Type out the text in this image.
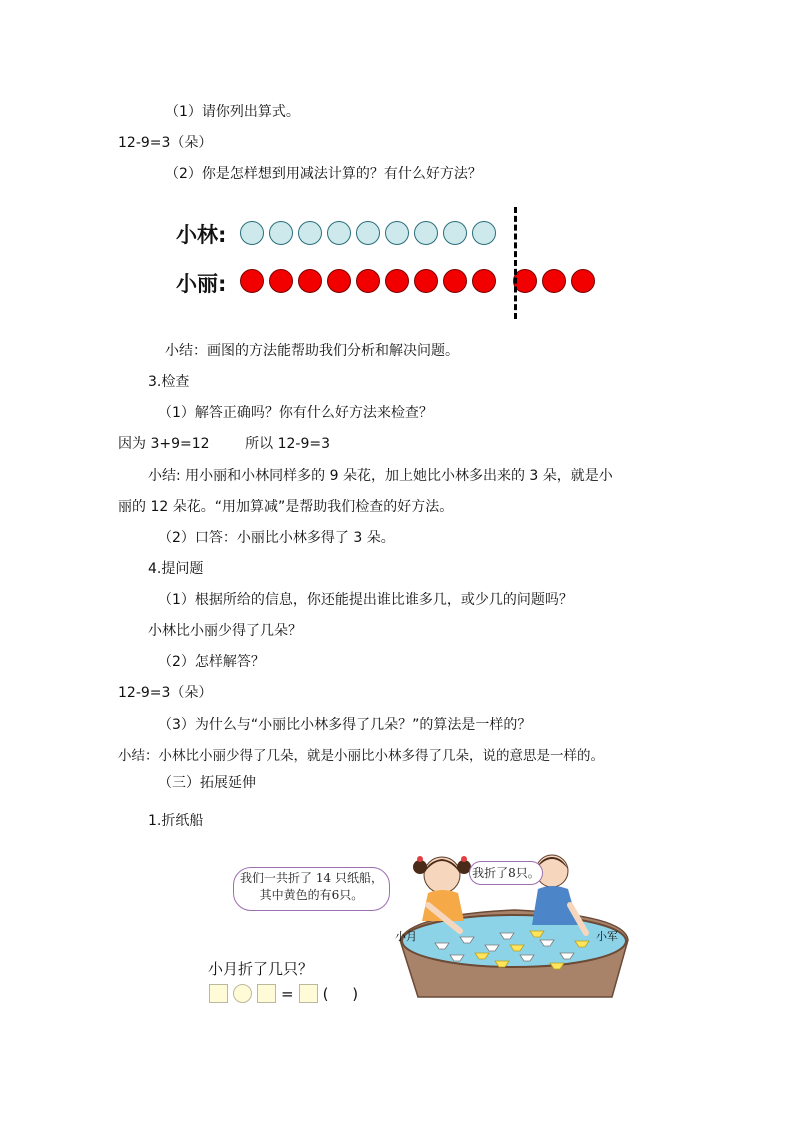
（1）请你列出算式。
12-9=3（朵）
（2）你是怎样想到用减法计算的？有什么好方法？
小林:
小丽:
小结：画图的方法能帮助我们分析和解决问题。
3.检查
（1）解答正确吗？你有什么好方法来检查？
因为 3+9=12        所以 12-9=3
小结: 用小丽和小林同样多的 9 朵花，加上她比小林多出来的 3 朵，就是小
丽的 12 朵花。“用加算减”是帮助我们检查的好方法。
（2）口答：小丽比小林多得了 3 朵。
4.提问题
（1）根据所给的信息，你还能提出谁比谁多几，或少几的问题吗？
小林比小丽少得了几朵？
（2）怎样解答？
12-9=3（朵）
（3）为什么与“小丽比小林多得了几朵？”的算法是一样的？
小结：小林比小丽少得了几朵，就是小丽比小林多得了几朵，说的意思是一样的。
（三）拓展延伸
1.折纸船
我们一共折了 14 只纸船，其中黄色的有6只。
我折了8只。
小月	小军
小月折了几只？
= (     )
